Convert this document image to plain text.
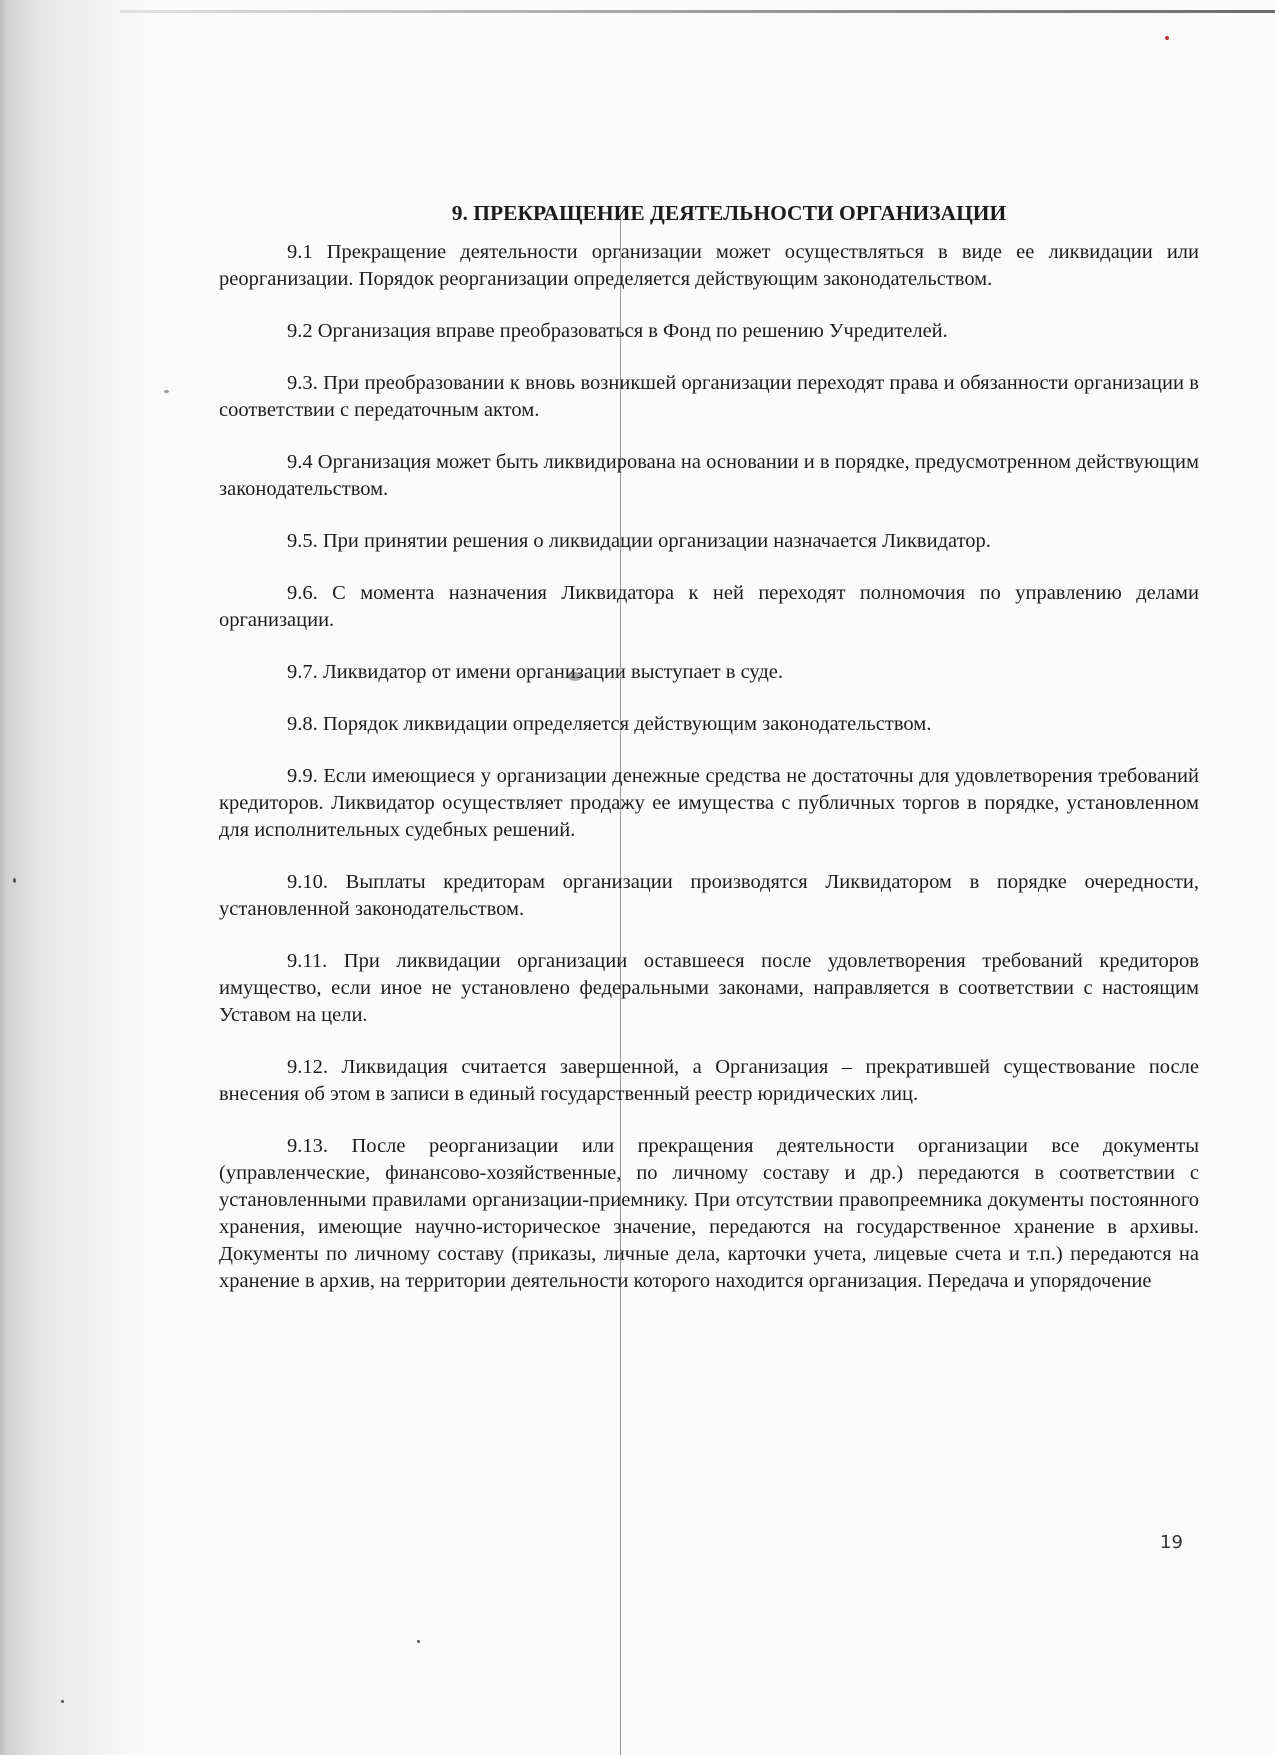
9. ПРЕКРАЩЕНИЕ ДЕЯТЕЛЬНОСТИ ОРГАНИЗАЦИИ

9.1 Прекращение деятельности организации может осуществляться в виде ее ликвидации или реорганизации. Порядок реорганизации определяется действующим законодательством.

9.2 Организация вправе преобразоваться в Фонд по решению Учредителей.

9.3. При преобразовании к вновь возникшей организации переходят права и обязанности организации в соответствии с передаточным актом.

9.4 Организация может быть ликвидирована на основании и в порядке, предусмотренном действующим законодательством.

9.5. При принятии решения о ликвидации организации назначается Ликвидатор.

9.6. С момента назначения Ликвидатора к ней переходят полномочия по управлению делами организации.

9.7. Ликвидатор от имени организации выступает в суде.

9.8. Порядок ликвидации определяется действующим законодательством.

9.9. Если имеющиеся у организации денежные средства не достаточны для удовлетворения требований кредиторов. Ликвидатор осуществляет продажу ее имущества с публичных торгов в порядке, установленном для исполнительных судебных решений.

9.10. Выплаты кредиторам организации производятся Ликвидатором в порядке очередности, установленной законодательством.

9.11. При ликвидации организации оставшееся после удовлетворения требований кредиторов имущество, если иное не установлено федеральными законами, направляется в соответствии с настоящим Уставом на цели.

9.12. Ликвидация считается завершенной, а Организация – прекратившей существование после внесения об этом в записи в единый государственный реестр юридических лиц.

9.13. После реорганизации или прекращения деятельности организации все документы (управленческие, финансово-хозяйственные, по личному составу и др.) передаются в соответствии с установленными правилами организации-приемнику. При отсутствии правопреемника документы постоянного хранения, имеющие научно-историческое значение, передаются на государственное хранение в архивы. Документы по личному составу (приказы, личные дела, карточки учета, лицевые счета и т.п.) передаются на хранение в архив, на территории деятельности которого находится организация. Передача и упорядочение

19
